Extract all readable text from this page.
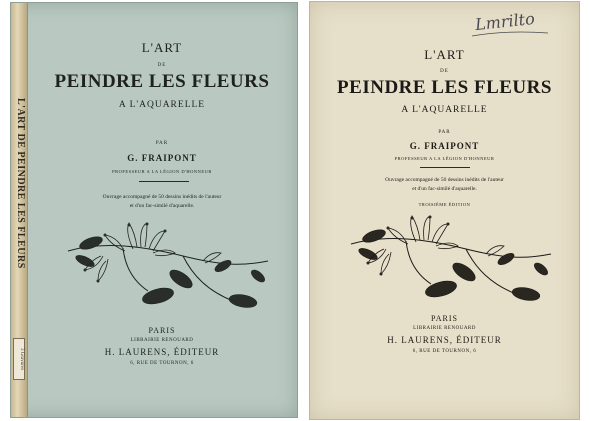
L'ART DE PEINDRE LES FLEURS
3 Gravures
L'ART
DE
PEINDRE LES FLEURS
A L'AQUARELLE
PAR
G. FRAIPONT
PROFESSEUR A LA LÉGION D'HONNEUR
Ouvrage accompagné de 50 dessins inédits de l'auteur
et d'un fac-similé d'aquarelle.
PARIS
LIBRAIRIE RENOUARD
H. LAURENS, ÉDITEUR
6, RUE DE TOURNON, 6
Lmrilto
L'ART
DE
PEINDRE LES FLEURS
A L'AQUARELLE
PAR
G. FRAIPONT
PROFESSEUR A LA LÉGION D'HONNEUR
Ouvrage accompagné de 50 dessins inédits de l'auteur
et d'un fac-similé d'aquarelle.
TROISIÈME ÉDITION
PARIS
LIBRAIRIE RENOUARD
H. LAURENS, ÉDITEUR
6, RUE DE TOURNON, 6
